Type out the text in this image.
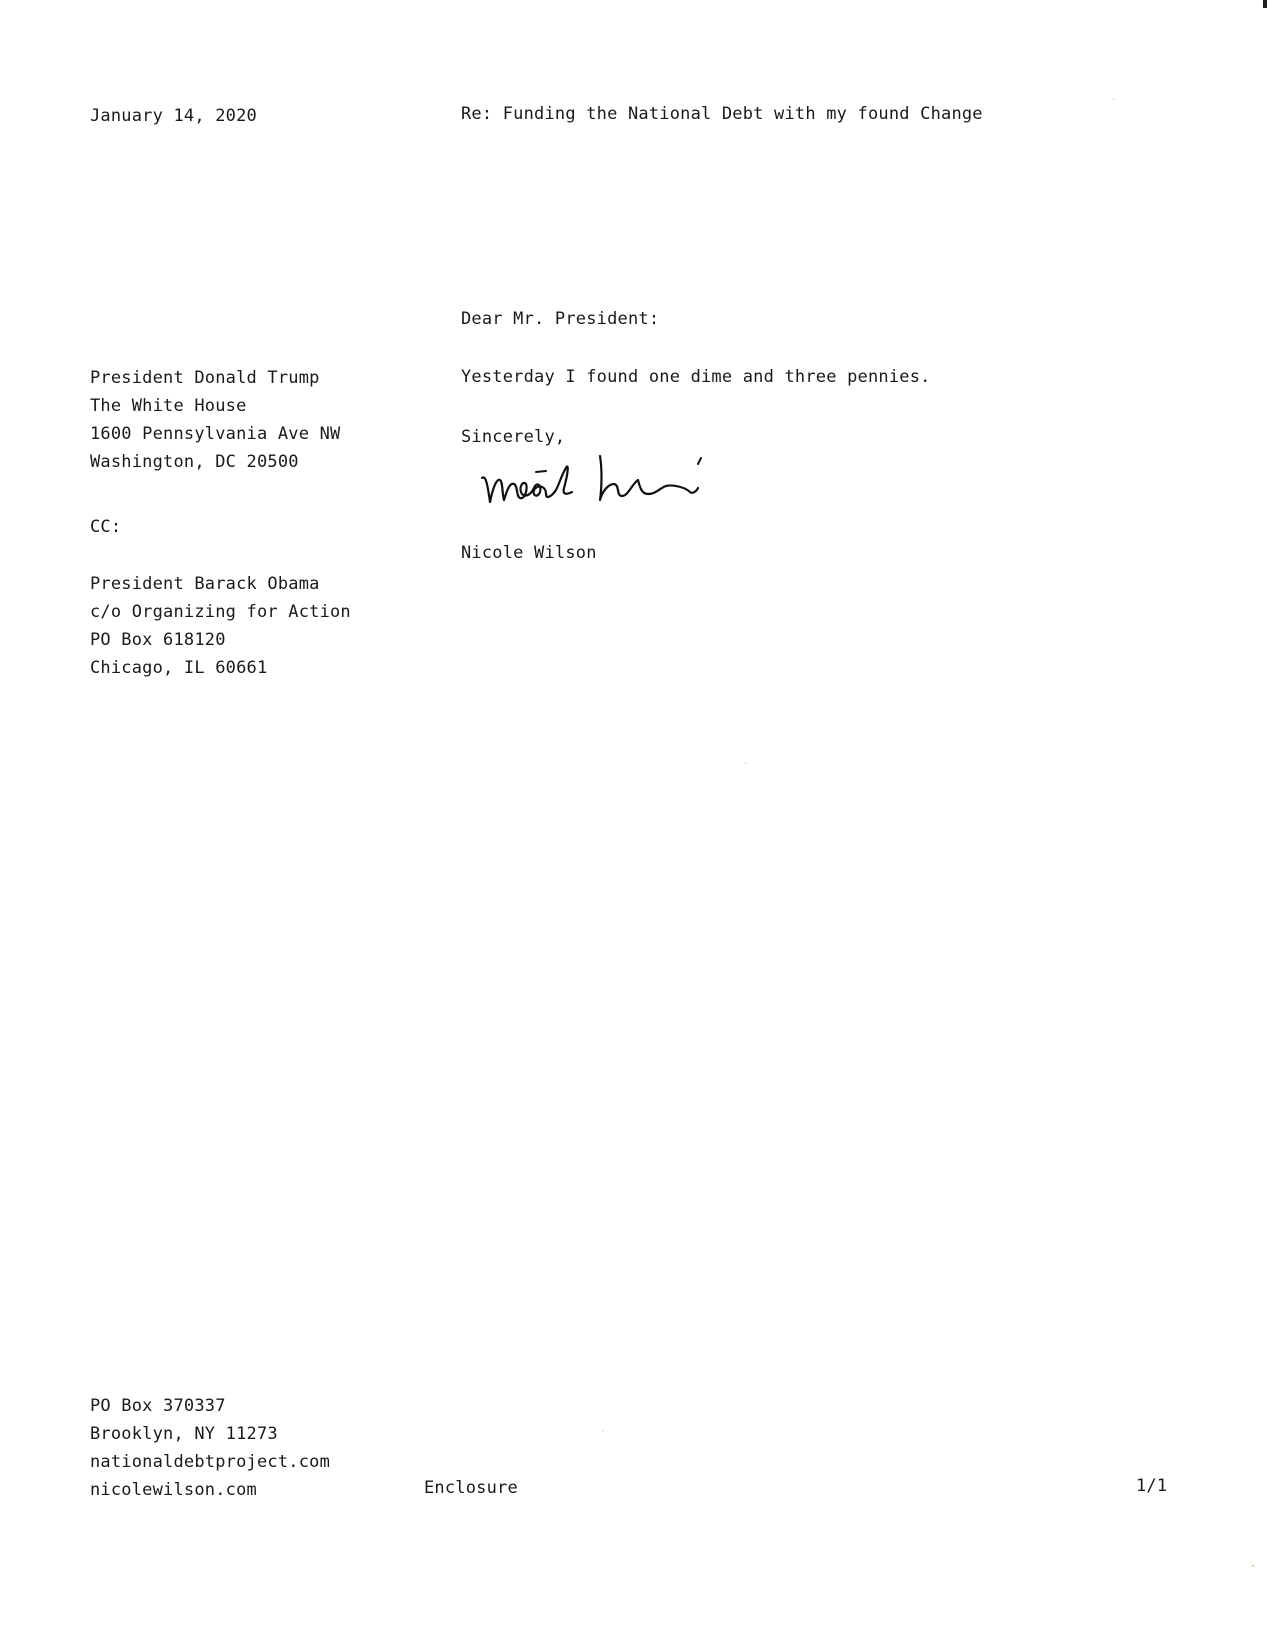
January 14, 2020	Re: Funding the National Debt with my found Change
Dear Mr. President:
President Donald Trump
The White House
1600 Pennsylvania Ave NW
Washington, DC 20500
CC:
President Barack Obama
c/o Organizing for Action
PO Box 618120
Chicago, IL 60661
Yesterday I found one dime and three pennies.
Sincerely,
Nicole Wilson
PO Box 370337
Brooklyn, NY 11273
nationaldebtproject.com
nicolewilson.com	Enclosure	1/1
